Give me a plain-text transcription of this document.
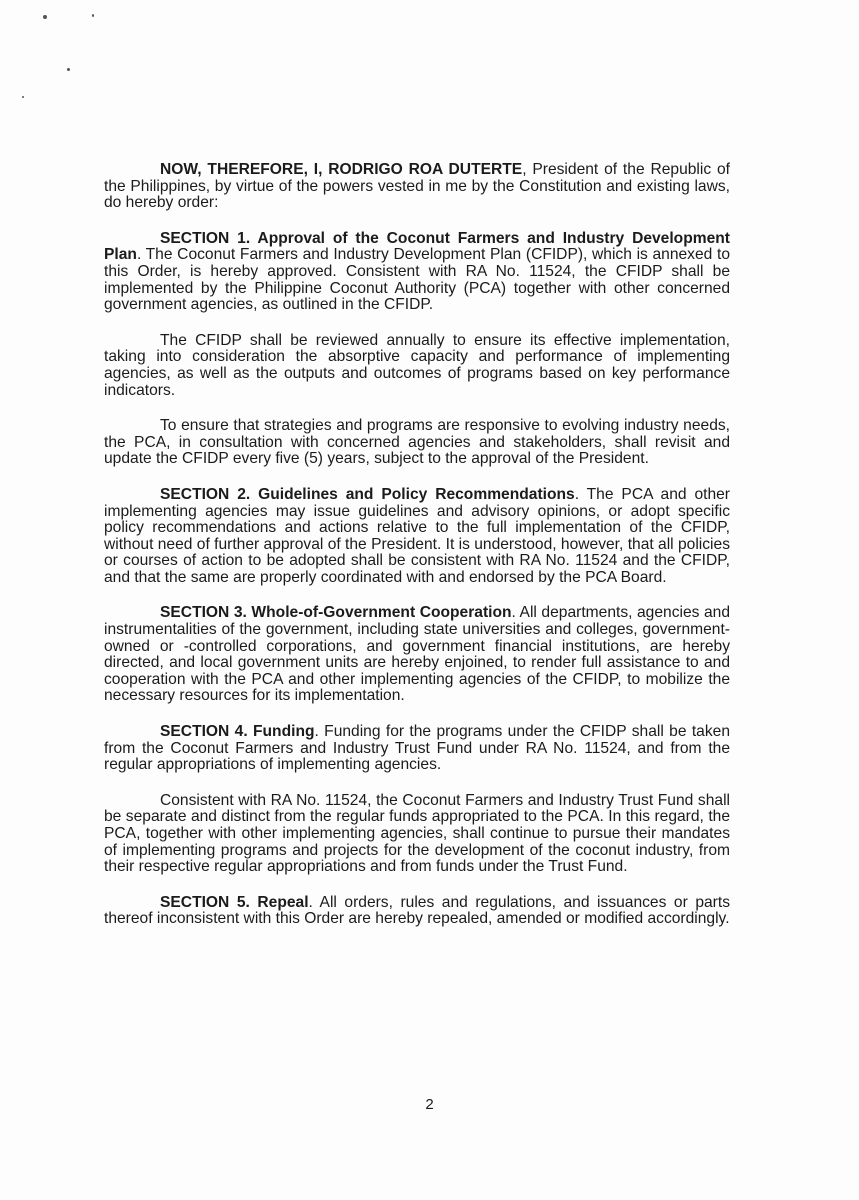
NOW, THEREFORE, I, RODRIGO ROA DUTERTE, President of the Republic of the Philippines, by virtue of the powers vested in me by the Constitution and existing laws, do hereby order:

SECTION 1. Approval of the Coconut Farmers and Industry Development Plan. The Coconut Farmers and Industry Development Plan (CFIDP), which is annexed to this Order, is hereby approved. Consistent with RA No. 11524, the CFIDP shall be implemented by the Philippine Coconut Authority (PCA) together with other concerned government agencies, as outlined in the CFIDP.

The CFIDP shall be reviewed annually to ensure its effective implementation, taking into consideration the absorptive capacity and performance of implementing agencies, as well as the outputs and outcomes of programs based on key performance indicators.

To ensure that strategies and programs are responsive to evolving industry needs, the PCA, in consultation with concerned agencies and stakeholders, shall revisit and update the CFIDP every five (5) years, subject to the approval of the President.

SECTION 2. Guidelines and Policy Recommendations. The PCA and other implementing agencies may issue guidelines and advisory opinions, or adopt specific policy recommendations and actions relative to the full implementation of the CFIDP, without need of further approval of the President. It is understood, however, that all policies or courses of action to be adopted shall be consistent with RA No. 11524 and the CFIDP, and that the same are properly coordinated with and endorsed by the PCA Board.

SECTION 3. Whole-of-Government Cooperation. All departments, agencies and instrumentalities of the government, including state universities and colleges, government-owned or -controlled corporations, and government financial institutions, are hereby directed, and local government units are hereby enjoined, to render full assistance to and cooperation with the PCA and other implementing agencies of the CFIDP, to mobilize the necessary resources for its implementation.

SECTION 4. Funding. Funding for the programs under the CFIDP shall be taken from the Coconut Farmers and Industry Trust Fund under RA No. 11524, and from the regular appropriations of implementing agencies.

Consistent with RA No. 11524, the Coconut Farmers and Industry Trust Fund shall be separate and distinct from the regular funds appropriated to the PCA. In this regard, the PCA, together with other implementing agencies, shall continue to pursue their mandates of implementing programs and projects for the development of the coconut industry, from their respective regular appropriations and from funds under the Trust Fund.

SECTION 5. Repeal. All orders, rules and regulations, and issuances or parts thereof inconsistent with this Order are hereby repealed, amended or modified accordingly.

2
